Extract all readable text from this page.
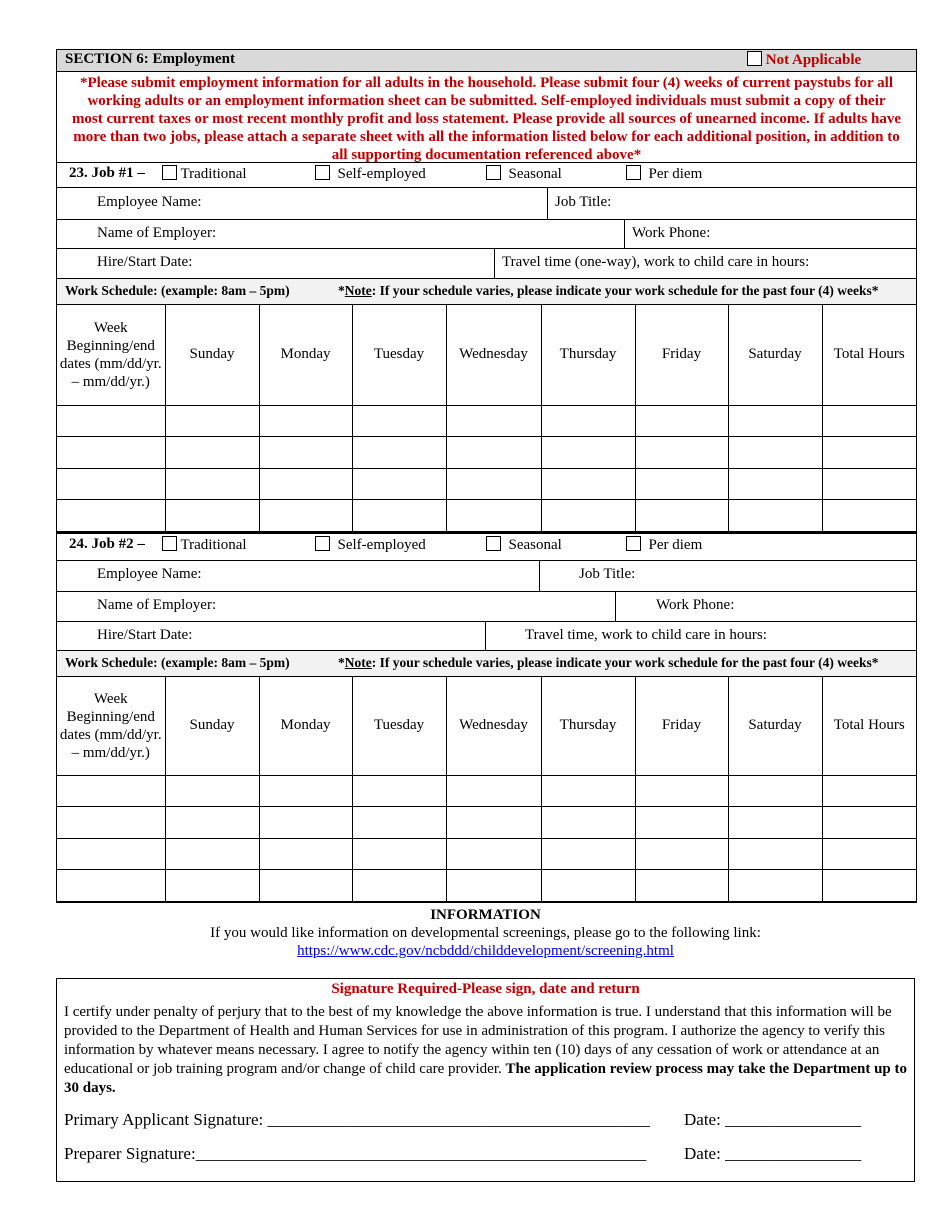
SECTION 6: Employment	Not Applicable
*Please submit employment information for all adults in the household. Please submit four (4) weeks of current paystubs for all working adults or an employment information sheet can be submitted. Self-employed individuals must submit a copy of their most current taxes or most recent monthly profit and loss statement. Please provide all sources of unearned income. If adults have more than two jobs, please attach a separate sheet with all the information listed below for each additional position, in addition to all supporting documentation referenced above*
23. Job #1 –	Traditional	Self-employed	Seasonal	Per diem
Employee Name:	Job Title:
Name of Employer:	Work Phone:
Hire/Start Date:	Travel time (one-way), work to child care in hours:
Work Schedule: (example: 8am – 5pm)	*Note: If your schedule varies, please indicate your work schedule for the past four (4) weeks*
Week Beginning/end dates (mm/dd/yr. – mm/dd/yr.)	Sunday	Monday	Tuesday	Wednesday	Thursday	Friday	Saturday	Total Hours

24. Job #2 –	Traditional	Self-employed	Seasonal	Per diem
Employee Name:	Job Title:
Name of Employer:	Work Phone:
Hire/Start Date:	Travel time, work to child care in hours:
Work Schedule: (example: 8am – 5pm)	*Note: If your schedule varies, please indicate your work schedule for the past four (4) weeks*
Week Beginning/end dates (mm/dd/yr. – mm/dd/yr.)	Sunday	Monday	Tuesday	Wednesday	Thursday	Friday	Saturday	Total Hours

INFORMATION
If you would like information on developmental screenings, please go to the following link:
https://www.cdc.gov/ncbddd/childdevelopment/screening.html
Signature Required-Please sign, date and return
I certify under penalty of perjury that to the best of my knowledge the above information is true. I understand that this information will be provided to the Department of Health and Human Services for use in administration of this program. I authorize the agency to verify this information by whatever means necessary. I agree to notify the agency within ten (10) days of any cessation of work or attendance at an educational or job training program and/or change of child care provider. The application review process may take the Department up to 30 days.
Primary Applicant Signature: _____________________________________________ Date: ________________
Preparer Signature:_____________________________________________________ Date: ________________
